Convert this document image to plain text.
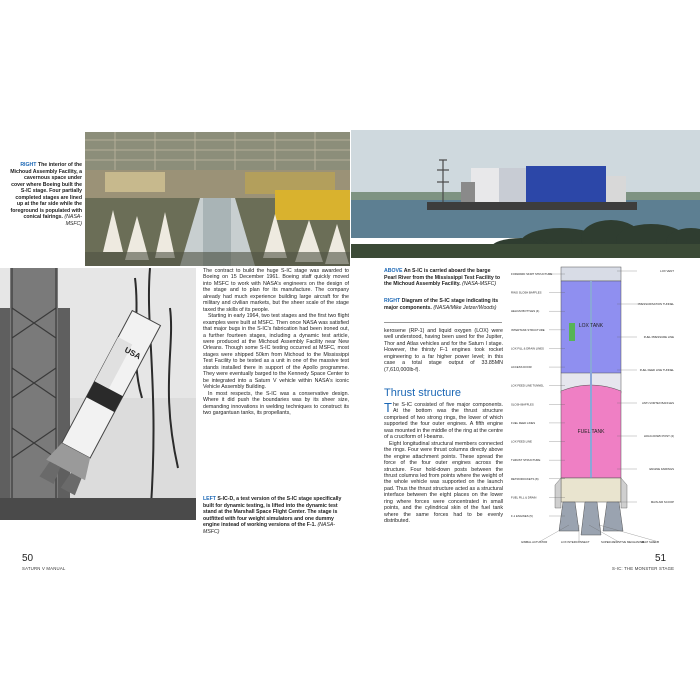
RIGHT The interior of the Michoud Assembly Facility, a cavernous space under cover where Boeing built the S-IC stage. Four partially completed stages are lined up at the far side while the foreground is populated with conical fairings. (NASA-MSFC)
USA

The contract to build the huge S-IC stage was awarded to Boeing on 15 December 1961. Boeing staff quickly moved into MSFC to work with NASA's engineers on the design of the stage and to plan for its manufacture. The company already had much experience building large aircraft for the military and civilian markets, but the sheer scale of the stage taxed the skills of its people.

Starting in early 1964, two test stages and the first two flight examples were built at MSFC. Then once NASA was satisfied that major bugs in the S-IC's fabrication had been ironed out, a further fourteen stages, including a dynamic test article, were produced at the Michoud Assembly Facility near New Orleans. Though some S-IC testing occurred at MSFC, most stages were shipped 50km from Michoud to the Mississippi Test Facility to be tested as a unit in one of the massive test stands installed there in support of the Apollo programme. They were eventually barged to the Kennedy Space Center to be integrated into a Saturn V vehicle within NASA's iconic Vehicle Assembly Building.

In most respects, the S-IC was a conservative design. Where it did push the boundaries was by its sheer size, demanding innovations in welding techniques to construct its two gargantuan tanks, its propellants,

LEFT S-IC-D, a test version of the S-IC stage specifically built for dynamic testing, is lifted into the dynamic test stand at the Marshall Space Flight Center. The stage is outfitted with four weight simulators and one dummy engine instead of working versions of the F-1. (NASA-MSFC)
50
SATURN V MANUAL
ABOVE An S-IC is carried aboard the barge Pearl River from the Mississippi Test Facility to the Michoud Assembly Facility. (NASA-MSFC)
RIGHT Diagram of the S-IC stage indicating its major components. (NASA/Mike Jetzer/Woods)
kerosene (RP-1) and liquid oxygen (LOX) were well understood, having been used for the Jupiter, Thor and Atlas vehicles and for the Saturn I stage. However, the thirsty F-1 engines took rocket engineering to a far higher power level; in this case a total stage output of 33.85MN (7,610,000lb-f).
Thrust structure

The S-IC consisted of five major components. At the bottom was the thrust structure comprised of two strong rings, the lower of which supported the four outer engines. A fifth engine was mounted in the middle of the ring at the centre of a cruciform of I-beams.

Eight longitudinal structural members connected the rings. Four were thrust columns directly above the engine attachment points. These spread the force of the four outer engines across the structure. Four hold-down posts between the thrust columns led from points where the weight of the whole vehicle was supported on the launch pad. Thus the thrust structure acted as a structural interface between the eight places on the lower ring where forces were concentrated in small points, and the cylindrical skin of the fuel tank where the same forces had to be evenly distributed.

LOX TANK
FUEL TANK
FORWARD SKIRT STRUCTURE
RING SLOSH BAFFLES
HELIUM BOTTLES (4)
INTERTANK STRUCTURE
LOX FILL & DRAIN LINES
ACCESS DOOR
LOX FEED LINE TUNNEL
SLOSH BAFFLES
FUEL FEED LINES
LOX FEED LINE
THRUST STRUCTURE
RETROROCKETS (8)
FUEL FILL & DRAIN
F-1 ENGINES (5)
LOX VENT
PRESSURISATION TUNNEL
FUEL PRESSURE LINE
FUEL FEED LINE TUNNEL
ANTI-VORTEX BAFFLES
HOLD-DOWN POST (4)
ENGINE FAIRINGS
MAIN AIR SCOOP
GIMBAL ACTUATOR	LOX INTERCONNECT	SUPER-RESISTIVE MECHANISM
HEAT SHIELD
51
S-IC: THE MONSTER STAGE
